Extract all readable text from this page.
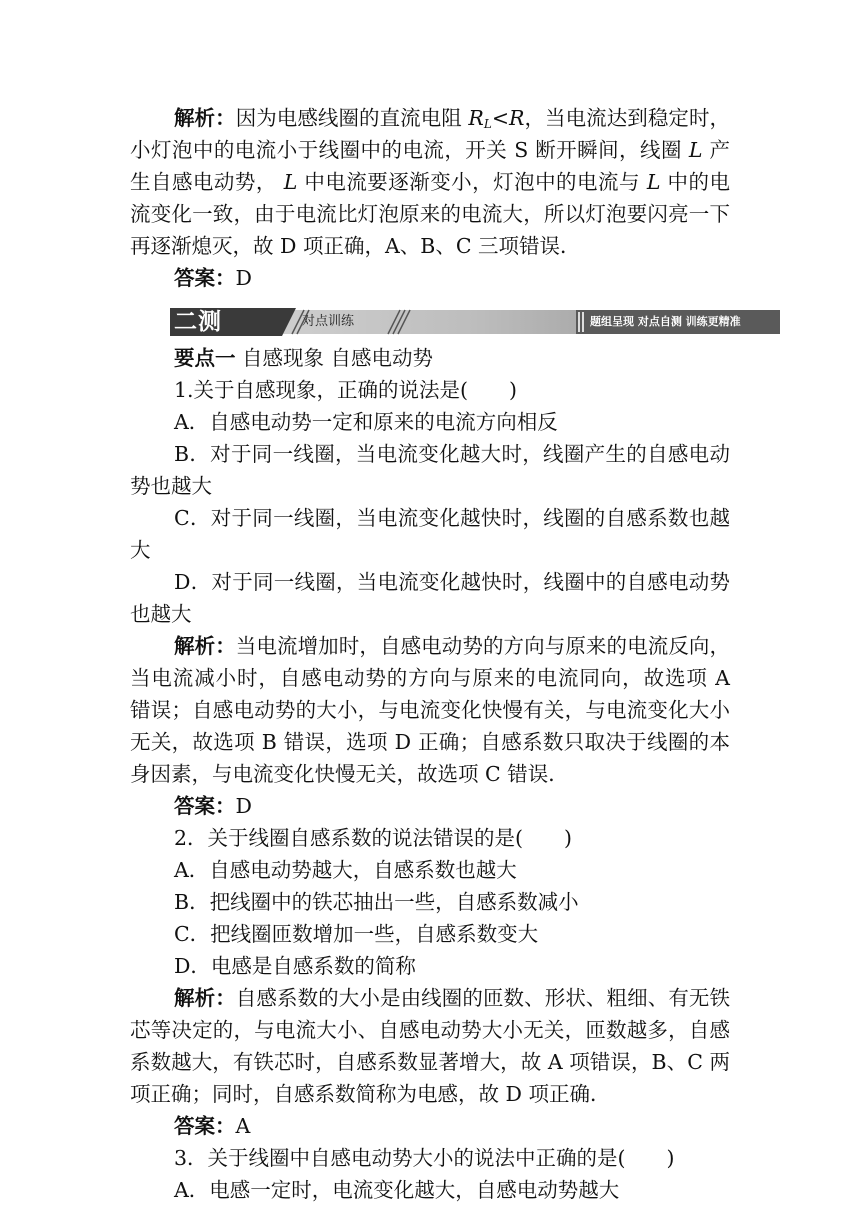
解析：因为电感线圈的直流电阻 $R_L<R$，当电流达到稳定时，小灯泡中的电流小于线圈中的电流，开关 S 断开瞬间，线圈 L 产生自感电动势， L 中电流要逐渐变小，灯泡中的电流与 L 中的电流变化一致，由于电流比灯泡原来的电流大，所以灯泡要闪亮一下再逐渐熄灭，故 D 项正确，A、B、C 三项错误．

答案：D

二测	对点训练	题组呈现 对点自测 训练更精准

要点一 自感现象 自感电动势

1.关于自感现象，正确的说法是(　　)

A．自感电动势一定和原来的电流方向相反

B．对于同一线圈，当电流变化越大时，线圈产生的自感电动势也越大

C．对于同一线圈，当电流变化越快时，线圈的自感系数也越大

D．对于同一线圈，当电流变化越快时，线圈中的自感电动势也越大

解析：当电流增加时，自感电动势的方向与原来的电流反向，当电流减小时，自感电动势的方向与原来的电流同向，故选项 A 错误；自感电动势的大小，与电流变化快慢有关，与电流变化大小无关，故选项 B 错误，选项 D 正确；自感系数只取决于线圈的本身因素，与电流变化快慢无关，故选项 C 错误．

答案：D

2．关于线圈自感系数的说法错误的是(　　)

A．自感电动势越大，自感系数也越大

B．把线圈中的铁芯抽出一些，自感系数减小

C．把线圈匝数增加一些，自感系数变大

D．电感是自感系数的简称

解析：自感系数的大小是由线圈的匝数、形状、粗细、有无铁芯等决定的，与电流大小、自感电动势大小无关，匝数越多，自感系数越大，有铁芯时，自感系数显著增大，故 A 项错误，B、C 两项正确；同时，自感系数简称为电感，故 D 项正确．

答案：A

3．关于线圈中自感电动势大小的说法中正确的是(　　)

A．电感一定时，电流变化越大，自感电动势越大
